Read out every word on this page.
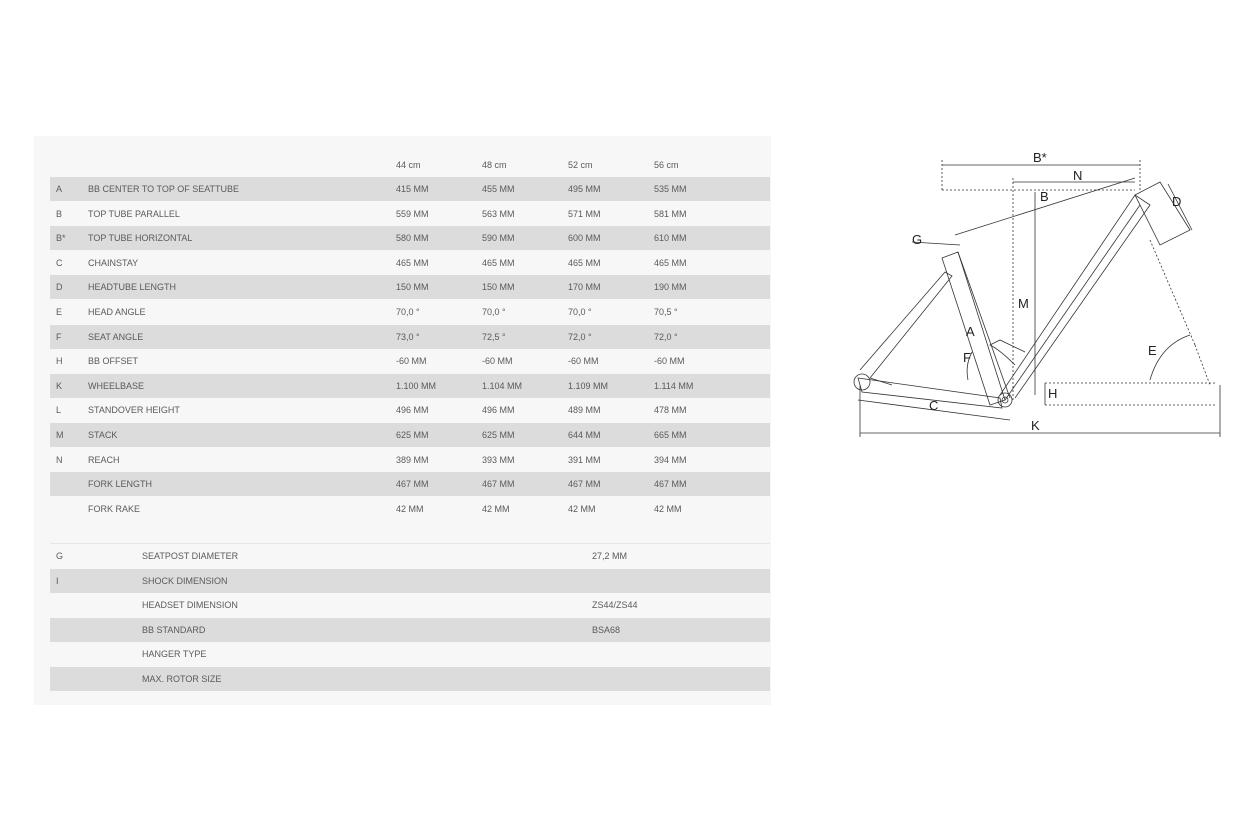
44 cm	48 cm	52 cm	56 cm
A	BB CENTER TO TOP OF SEATTUBE	415 MM	455 MM	495 MM	535 MM
B	TOP TUBE PARALLEL	559 MM	563 MM	571 MM	581 MM
B* TOP TUBE HORIZONTAL	580 MM	590 MM	600 MM	610 MM
C	CHAINSTAY	465 MM	465 MM	465 MM	465 MM
D	HEADTUBE LENGTH	150 MM	150 MM	170 MM	190 MM
E	HEAD ANGLE	70,0 °	70,0 °	70,0 °	70,5 °
F	SEAT ANGLE	73,0 °	72,5 °	72,0 °	72,0 °
H	BB OFFSET	-60 MM	-60 MM	-60 MM	-60 MM
K	WHEELBASE	1.100 MM	1.104 MM	1.109 MM	1.114 MM
L	STANDOVER HEIGHT	496 MM	496 MM	489 MM	478 MM
M	STACK	625 MM	625 MM	644 MM	665 MM
N	REACH	389 MM	393 MM	391 MM	394 MM
FORK LENGTH	467 MM	467 MM	467 MM	467 MM
FORK RAKE	42 MM	42 MM	42 MM	42 MM
G	SEATPOST DIAMETER	27,2 MM
I	SHOCK DIMENSION
HEADSET DIMENSION	ZS44/ZS44
BB STANDARD	BSA68
HANGER TYPE
MAX. ROTOR SIZE
B*
N
B	D
G
M
A
F	E
H
C
K
